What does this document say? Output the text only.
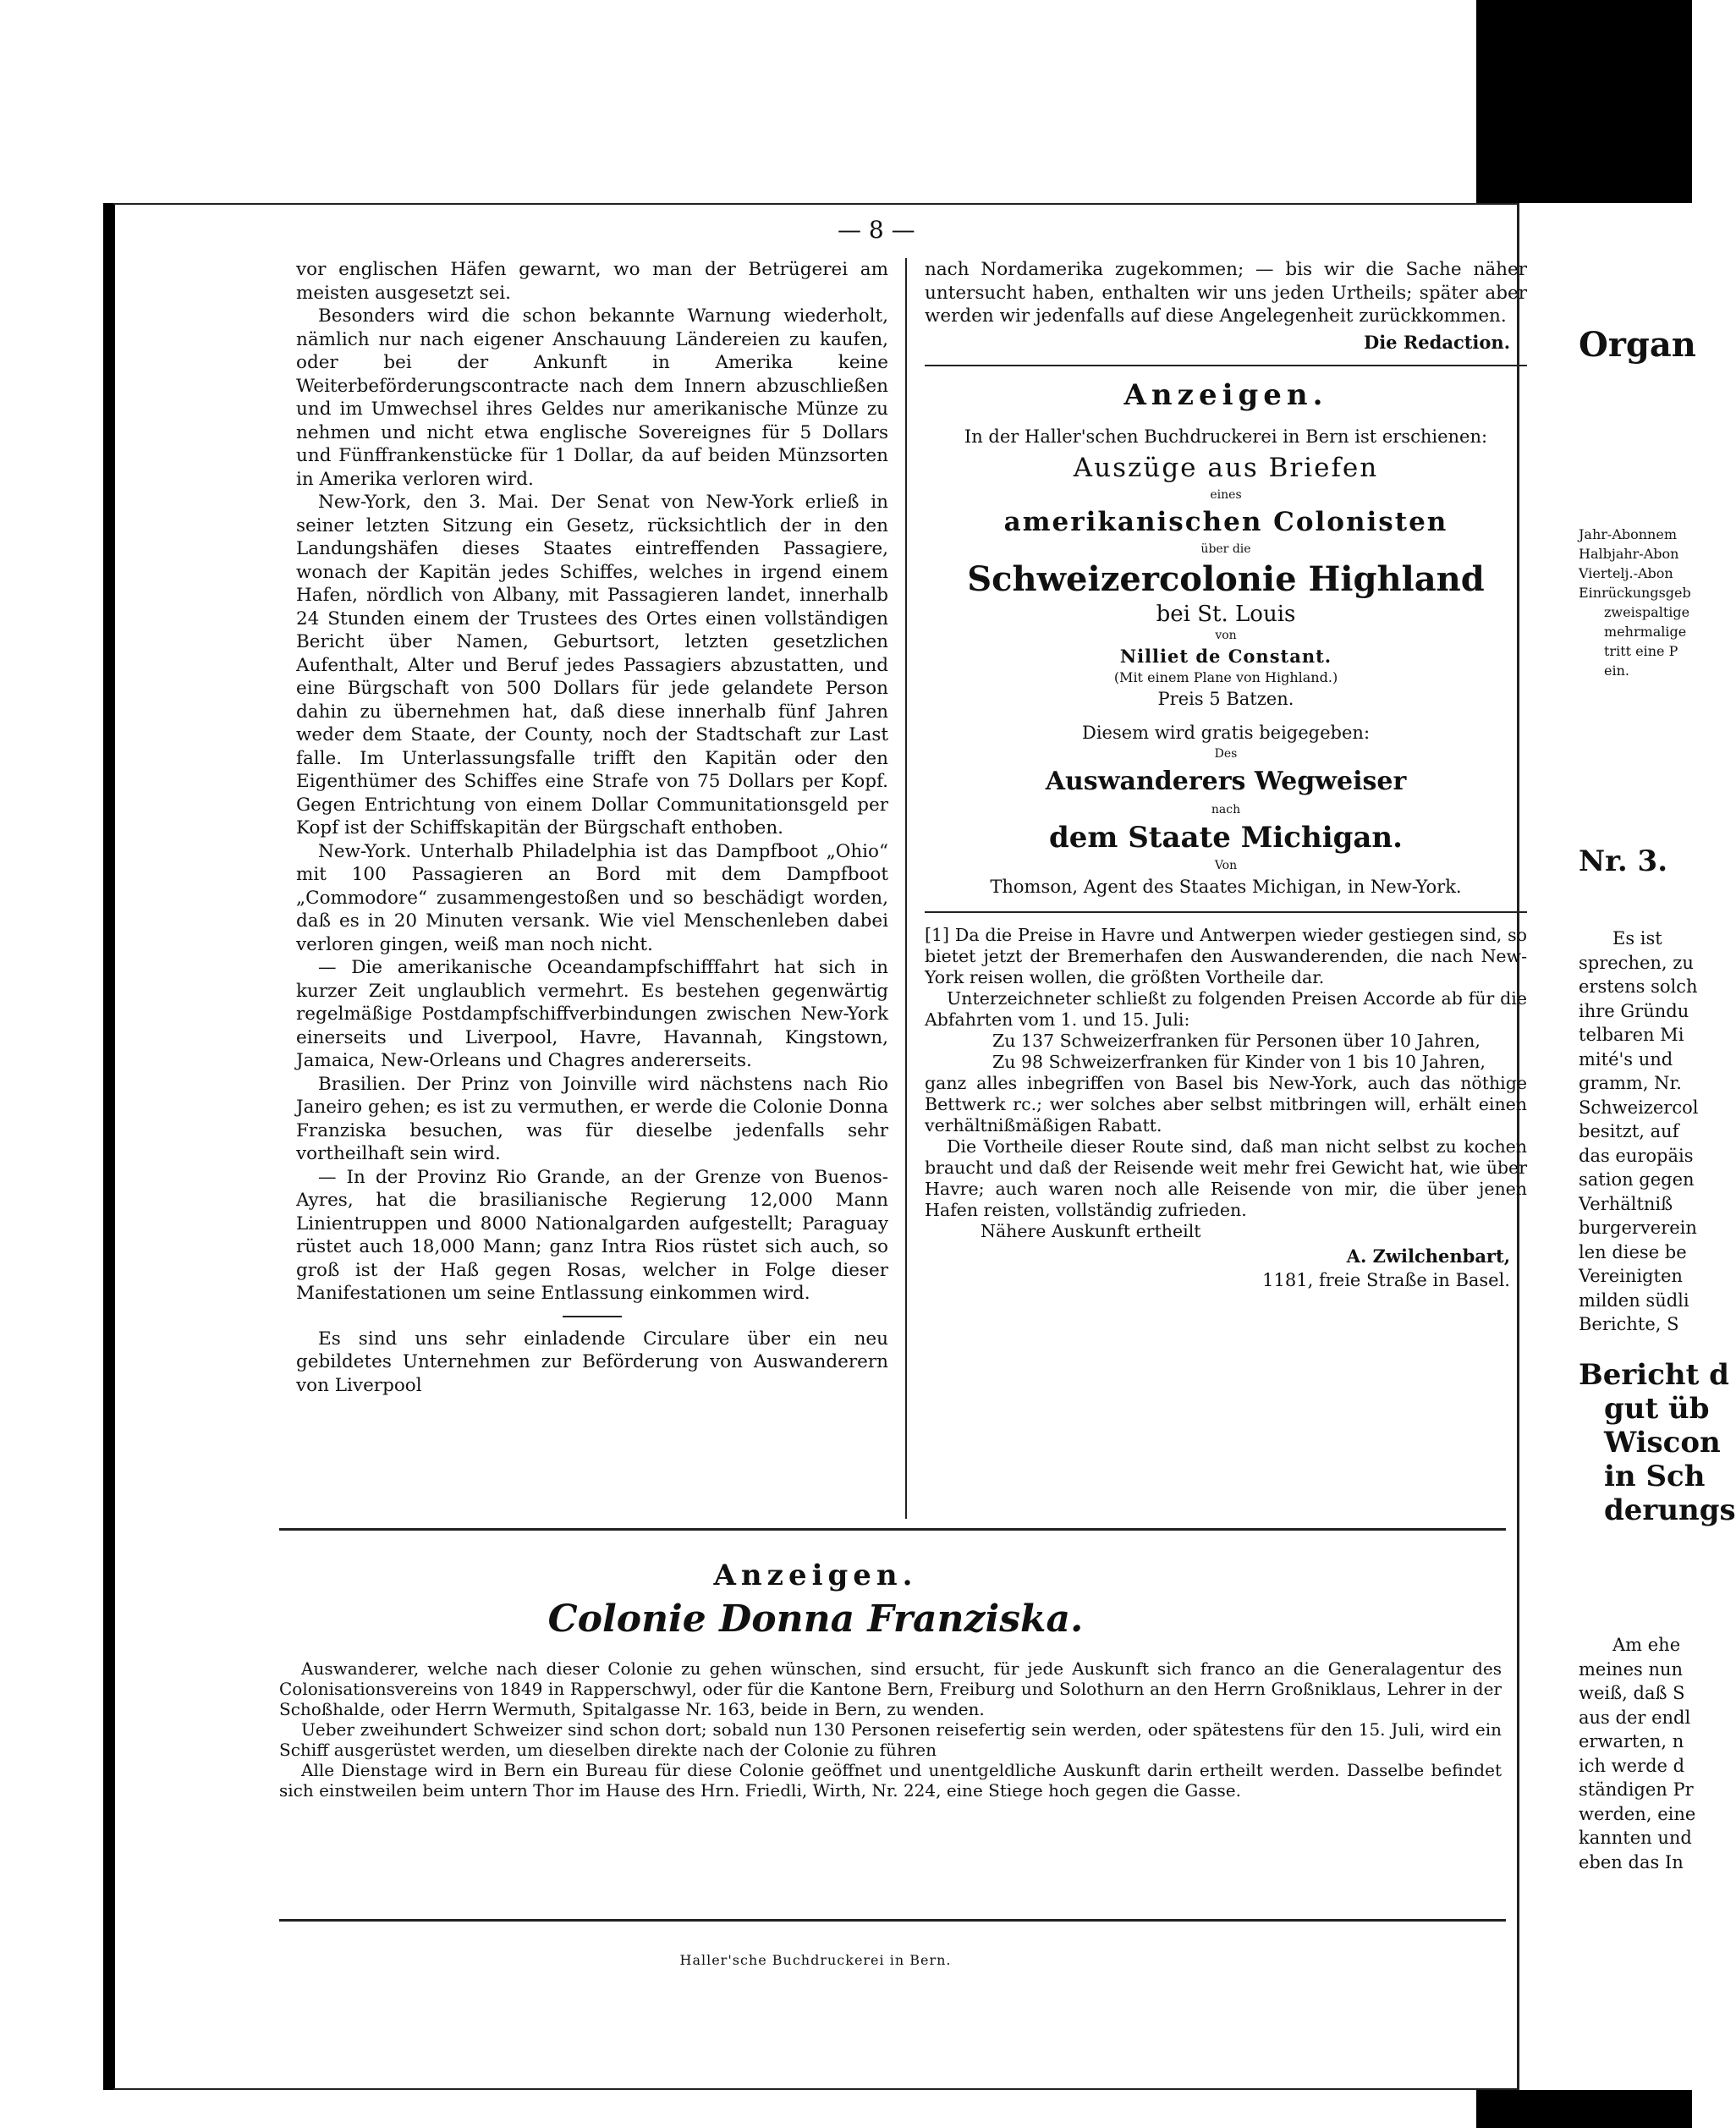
— 8 —

vor englischen Häfen gewarnt, wo man der Betrügerei am meisten ausgesetzt sei.

Besonders wird die schon bekannte Warnung wiederholt, nämlich nur nach eigener Anschauung Ländereien zu kaufen, oder bei der Ankunft in Amerika keine Weiterbeförderungscontracte nach dem Innern abzuschließen und im Umwechsel ihres Geldes nur amerikanische Münze zu nehmen und nicht etwa englische Sovereignes für 5 Dollars und Fünffrankenstücke für 1 Dollar, da auf beiden Münzsorten in Amerika verloren wird.

New-York, den 3. Mai. Der Senat von New-York erließ in seiner letzten Sitzung ein Gesetz, rücksichtlich der in den Landungshäfen dieses Staates eintreffenden Passagiere, wonach der Kapitän jedes Schiffes, welches in irgend einem Hafen, nördlich von Albany, mit Passagieren landet, innerhalb 24 Stunden einem der Trustees des Ortes einen vollständigen Bericht über Namen, Geburtsort, letzten gesetzlichen Aufenthalt, Alter und Beruf jedes Passagiers abzustatten, und eine Bürgschaft von 500 Dollars für jede gelandete Person dahin zu übernehmen hat, daß diese innerhalb fünf Jahren weder dem Staate, der County, noch der Stadtschaft zur Last falle. Im Unterlassungsfalle trifft den Kapitän oder den Eigenthümer des Schiffes eine Strafe von 75 Dollars per Kopf. Gegen Entrichtung von einem Dollar Communitationsgeld per Kopf ist der Schiffskapitän der Bürgschaft enthoben.

New-York. Unterhalb Philadelphia ist das Dampfboot „Ohio“ mit 100 Passagieren an Bord mit dem Dampfboot „Commodore“ zusammengestoßen und so beschädigt worden, daß es in 20 Minuten versank. Wie viel Menschenleben dabei verloren gingen, weiß man noch nicht.

— Die amerikanische Oceandampfschifffahrt hat sich in kurzer Zeit unglaublich vermehrt. Es bestehen gegenwärtig regelmäßige Postdampfschiffverbindungen zwischen New-York einerseits und Liverpool, Havre, Havannah, Kingstown, Jamaica, New-Orleans und Chagres andererseits.

Brasilien. Der Prinz von Joinville wird nächstens nach Rio Janeiro gehen; es ist zu vermuthen, er werde die Colonie Donna Franziska besuchen, was für dieselbe jedenfalls sehr vortheilhaft sein wird.

— In der Provinz Rio Grande, an der Grenze von Buenos-Ayres, hat die brasilianische Regierung 12,000 Mann Linientruppen und 8000 Nationalgarden aufgestellt; Paraguay rüstet auch 18,000 Mann; ganz Intra Rios rüstet sich auch, so groß ist der Haß gegen Rosas, welcher in Folge dieser Manifestationen um seine Entlassung einkommen wird.

Es sind uns sehr einladende Circulare über ein neu gebildetes Unternehmen zur Beförderung von Auswanderern von Liverpool

nach Nordamerika zugekommen; — bis wir die Sache näher untersucht haben, enthalten wir uns jeden Urtheils; später aber werden wir jedenfalls auf diese Angelegenheit zurückkommen.

Die Redaction.
Anzeigen.
In der Haller'schen Buchdruckerei in Bern ist erschienen:
Auszüge aus Briefen
eines
amerikanischen Colonisten
über die
Schweizercolonie Highland
bei St. Louis
von
Nilliet de Constant.
(Mit einem Plane von Highland.)
Preis 5 Batzen.
Diesem wird gratis beigegeben:
Des
Auswanderers Wegweiser
nach
dem Staate Michigan.
Von
Thomson, Agent des Staates Michigan, in New-York.

[1] Da die Preise in Havre und Antwerpen wieder gestiegen sind, so bietet jetzt der Bremerhafen den Auswanderenden, die nach New-York reisen wollen, die größten Vortheile dar.

Unterzeichneter schließt zu folgenden Preisen Accorde ab für die Abfahrten vom 1. und 15. Juli:

Zu 137 Schweizerfranken für Personen über 10 Jahren,

Zu 98 Schweizerfranken für Kinder von 1 bis 10 Jahren,

ganz alles inbegriffen von Basel bis New-York, auch das nöthige Bettwerk rc.; wer solches aber selbst mitbringen will, erhält einen verhältnißmäßigen Rabatt.

Die Vortheile dieser Route sind, daß man nicht selbst zu kochen braucht und daß der Reisende weit mehr frei Gewicht hat, wie über Havre; auch waren noch alle Reisende von mir, die über jenen Hafen reisten, vollständig zufrieden.

Nähere Auskunft ertheilt

A. Zwilchenbart,
1181, freie Straße in Basel.
Anzeigen.
Colonie Donna Franziska.

Auswanderer, welche nach dieser Colonie zu gehen wünschen, sind ersucht, für jede Auskunft sich franco an die Generalagentur des Colonisationsvereins von 1849 in Rapperschwyl, oder für die Kantone Bern, Freiburg und Solothurn an den Herrn Großniklaus, Lehrer in der Schoßhalde, oder Herrn Wermuth, Spitalgasse Nr. 163, beide in Bern, zu wenden.

Ueber zweihundert Schweizer sind schon dort; sobald nun 130 Personen reisefertig sein werden, oder spätestens für den 15. Juli, wird ein Schiff ausgerüstet werden, um dieselben direkte nach der Colonie zu führen

Alle Dienstage wird in Bern ein Bureau für diese Colonie geöffnet und unentgeldliche Auskunft darin ertheilt werden. Dasselbe befindet sich einstweilen beim untern Thor im Hause des Hrn. Friedli, Wirth, Nr. 224, eine Stiege hoch gegen die Gasse.

Haller'sche Buchdruckerei in Bern.
Organ
Jahr-Abonnem
Halbjahr-Abon
Viertelj.-Abon
Einrückungsgeb
zweispaltige
mehrmalige
tritt eine P
ein.
Nr. 3.
Es ist
sprechen, zu
erstens solch
ihre Gründu
telbaren Mi
mité's und
gramm, Nr.
Schweizercol
besitzt, auf
das europäis
sation gegen
Verhältniß
burgerverein
len diese be
Vereinigten
milden südli
Berichte, S
Bericht d
gut üb
Wiscon
in Sch
derungs
Am ehe
meines nun
weiß, daß S
aus der endl
erwarten, n
ich werde d
ständigen Pr
werden, eine
kannten und
eben das In
